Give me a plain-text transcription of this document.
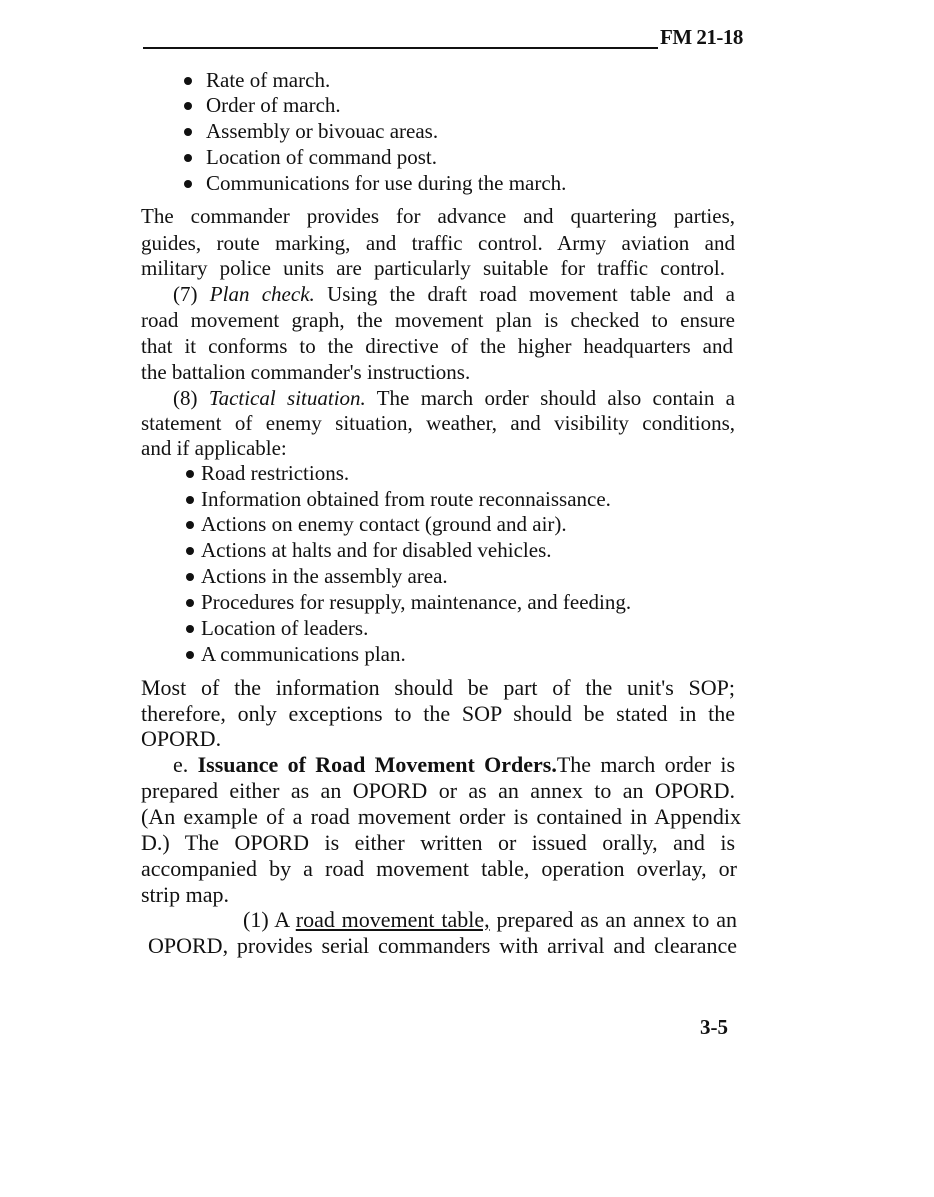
FM 21-18
Rate of march.
Order of march.
Assembly or bivouac areas.
Location of command post.
Communications for use during the march.
The commander provides for advance and quartering parties,
guides, route marking, and traffic control. Army aviation and
military police units are particularly suitable for traffic control.
(7) Plan check. Using the draft road movement table and a
road movement graph, the movement plan is checked to ensure
that it conforms to the directive of the higher headquarters and
the battalion commander's instructions.
(8) Tactical situation. The march order should also contain a
statement of enemy situation, weather, and visibility conditions,
and if applicable:
Road restrictions.
Information obtained from route reconnaissance.
Actions on enemy contact (ground and air).
Actions at halts and for disabled vehicles.
Actions in the assembly area.
Procedures for resupply, maintenance, and feeding.
Location of leaders.
A communications plan.
Most of the information should be part of the unit's SOP;
therefore, only exceptions to the SOP should be stated in the
OPORD.
e. Issuance of Road Movement Orders.The march order is
prepared either as an OPORD or as an annex to an OPORD.
(An example of a road movement order is contained in Appendix
D.) The OPORD is either written or issued orally, and is
accompanied by a road movement table, operation overlay, or
strip map.
(1) A road movement table, prepared as an annex to an
OPORD, provides serial commanders with arrival and clearance
3-5
